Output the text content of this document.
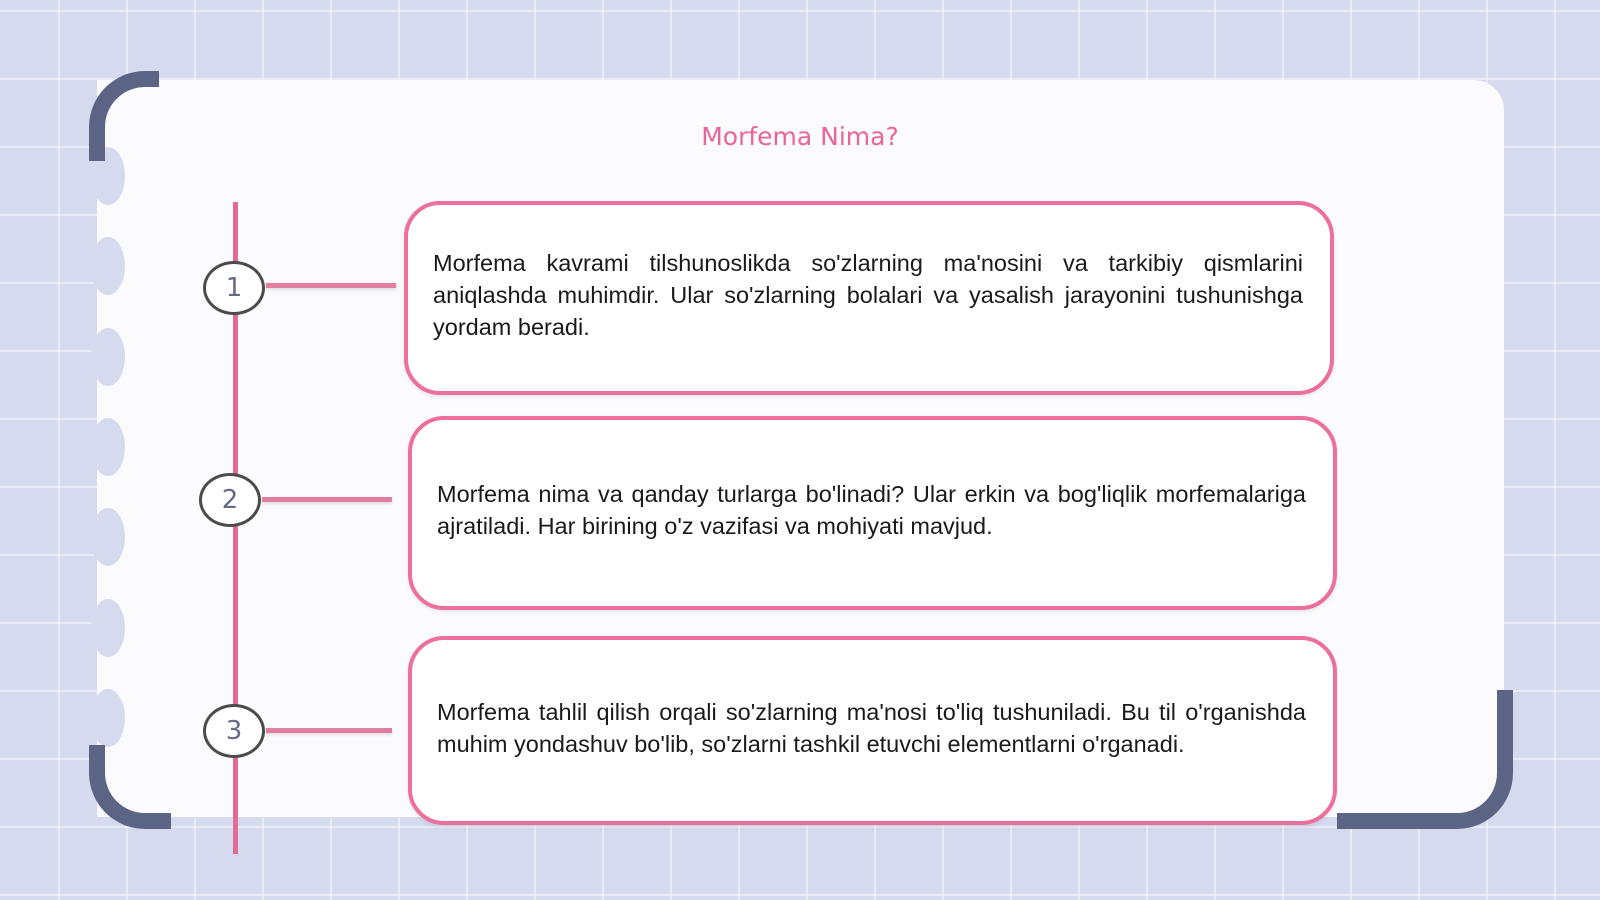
Morfema Nima?
1
2
3

Morfema kavrami tilshunoslikda so'zlarning ma'nosini va tarkibiy qismlarini aniqlashda muhimdir. Ular so'zlarning bolalari va yasalish jarayonini tushunishga yordam beradi.

Morfema nima va qanday turlarga bo'linadi? Ular erkin va bog'liqlik morfemalariga ajratiladi. Har birining o'z vazifasi va mohiyati mavjud.

Morfema tahlil qilish orqali so'zlarning ma'nosi to'liq tushuniladi. Bu til o'rganishda muhim yondashuv bo'lib, so'zlarni tashkil etuvchi elementlarni o'rganadi.
